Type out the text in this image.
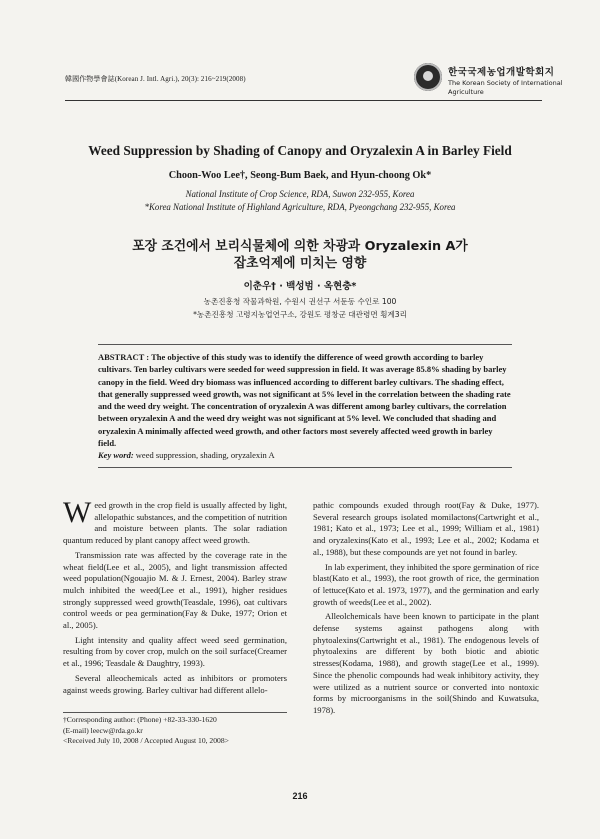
韓國作物學會誌(Korean J. Intl. Agri.), 20(3): 216~219(2008)
한국국제농업개발학회지
The Korean Society of International
Agriculture
Weed Suppression by Shading of Canopy and Oryzalexin A in Barley Field
Choon-Woo Lee†, Seong-Bum Baek, and Hyun-choong Ok*
National Institute of Crop Science, RDA, Suwon 232-955, Korea
*Korea National Institute of Highland Agriculture, RDA, Pyeongchang 232-955, Korea
포장 조건에서 보리식물체에 의한 차광과 Oryzalexin A가
잡초억제에 미치는 영향
이춘우† · 백성범 · 옥현충*
농촌진흥청 작물과학원, 수원시 권선구 서둔동 수인로 100
*농촌진흥청 고령지농업연구소, 강원도 평창군 대관령면 횡계3리
ABSTRACT : The objective of this study was to identify the difference of weed growth according to barley cultivars. Ten barley cultivars were seeded for weed suppression in field. It was average 85.8% shading by barley canopy in the field. Weed dry biomass was influenced according to different barley cultivars. The shading effect, that generally suppressed weed growth, was not significant at 5% level in the correlation between the shading rate and the weed dry weight. The concentration of oryzalexin A was different among barley cultivars, the correlation between oryzalexin A and the weed dry weight was not significant at 5% level. We concluded that shading and oryzalexin A minimally affected weed growth, and other factors most severely affected weed growth in barley field.
Key word: weed suppression, shading, oryzalexin A

Weed growth in the crop field is usually affected by light, allelopathic substances, and the competition of nutrition and moisture between plants. The solar radiation quantum reduced by plant canopy affect weed growth.

Transmission rate was affected by the coverage rate in the wheat field(Lee et al., 2005), and light transmission affected weed population(Ngouajio M. & J. Ernest, 2004). Barley straw mulch inhibited the weed(Lee et al., 1991), higher residues strongly suppressed weed growth(Teasdale, 1996), oat cultivars control weeds or pea germination(Fay & Duke, 1977; Orion et al., 2005).

Light intensity and quality affect weed seed germination, resulting from by cover crop, mulch on the soil surface(Creamer et al., 1996; Teasdale & Daughtry, 1993).

Several alleochemicals acted as inhibitors or promoters against weeds growing. Barley cultivar had different allelo-

pathic compounds exuded through root(Fay & Duke, 1977). Several research groups isolated momilactons(Cartwright et al., 1981; Kato et al., 1973; Lee et al., 1999; William et al., 1981) and oryzalexins(Kato et al., 1993; Lee et al., 2002; Kodama et al., 1988), but these compounds are yet not found in barley.

In lab experiment, they inhibited the spore germination of rice blast(Kato et al., 1993), the root growth of rice, the germination of lettuce(Kato et al. 1973, 1977), and the germination and early growth of weeds(Lee et al., 2002).

Alleolchemicals have been known to participate in the plant defense systems against pathogens along with phytoalexins(Cartwright et al., 1981). The endogenous levels of phytoalexins are different by both biotic and abiotic stresses(Kodama, 1988), and growth stage(Lee et al., 1999). Since the phenolic compounds had weak inhibitory activity, they were utilized as a nutrient source or converted into nontoxic forms by microorganisms in the soil(Shindo and Kuwatsuka, 1978).

†Corresponding author: (Phone) +82-33-330-1620
(E-mail) leecw@rda.go.kr
<Received July 10, 2008 / Accepted August 10, 2008>
216
